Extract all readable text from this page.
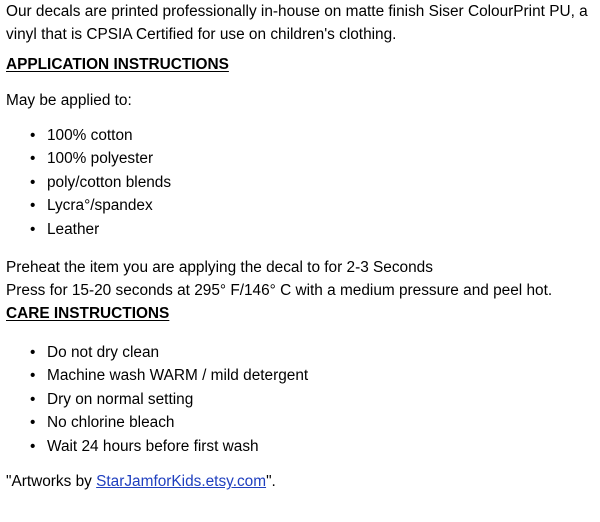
Our decals are printed professionally in-house on matte finish Siser ColourPrint PU, a
vinyl that is CPSIA Certified for use on children's clothing.

APPLICATION INSTRUCTIONS

May be applied to:

• 100% cotton
• 100% polyester
• poly/cotton blends
• Lycra°/spandex
• Leather

Preheat the item you are applying the decal to for 2-3 Seconds

Press for 15-20 seconds at 295° F/146° C with a medium pressure and peel hot.

CARE INSTRUCTIONS

• Do not dry clean
• Machine wash WARM / mild detergent
• Dry on normal setting
• No chlorine bleach
• Wait 24 hours before first wash

"Artworks by StarJamforKids.etsy.com".
